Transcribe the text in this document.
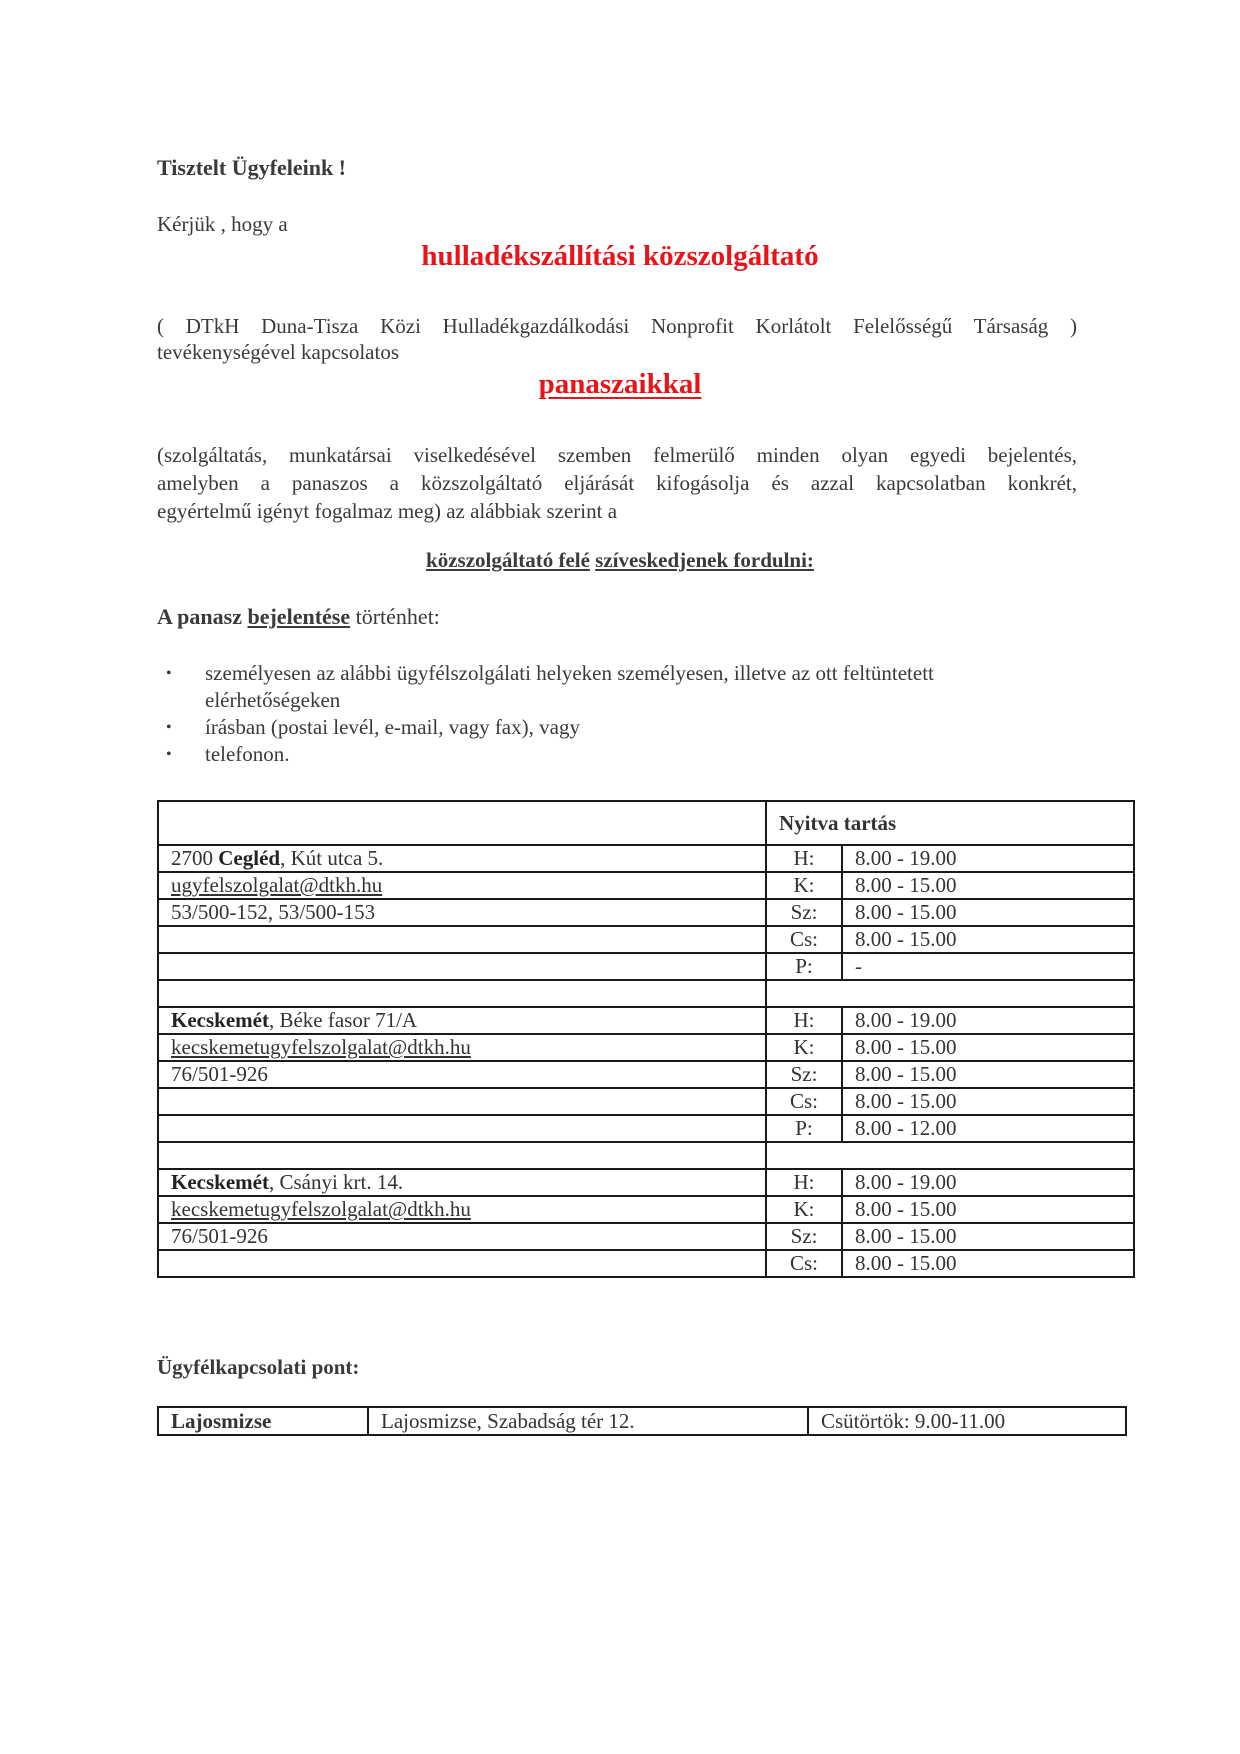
Tisztelt Ügyfeleink !
Kérjük , hogy a
hulladékszállítási közszolgáltató
( DTkH Duna-Tisza Közi Hulladékgazdálkodási Nonprofit Korlátolt Felelősségű Társaság )
tevékenységével kapcsolatos
panaszaikkal
(szolgáltatás, munkatársai viselkedésével szemben felmerülő minden olyan egyedi bejelentés,
amelyben a panaszos a közszolgáltató eljárását kifogásolja és azzal kapcsolatban konkrét,
egyértelmű igényt fogalmaz meg) az alábbiak szerint a
közszolgáltató felé szíveskedjenek fordulni:
A panasz bejelentése történhet:
• személyesen az alábbi ügyfélszolgálati helyeken személyesen, illetve az ott feltüntetett
elérhetőségeken
• írásban (postai levél, e-mail, vagy fax), vagy
• telefonon.
	Nyitva tartás	
2700 Cegléd, Kút utca 5.	H:	8.00 - 19.00
ugyfelszolgalat@dtkh.hu	K:	8.00 - 15.00
53/500-152, 53/500-153	Sz:	8.00 - 15.00
	Cs:	8.00 - 15.00
	P:	-

Kecskemét, Béke fasor 71/A	H:	8.00 - 19.00
kecskemetugyfelszolgalat@dtkh.hu	K:	8.00 - 15.00
76/501-926	Sz:	8.00 - 15.00
	Cs:	8.00 - 15.00
	P:	8.00 - 12.00

Kecskemét, Csányi krt. 14.	H:	8.00 - 19.00
kecskemetugyfelszolgalat@dtkh.hu	K:	8.00 - 15.00
76/501-926	Sz:	8.00 - 15.00
	Cs:	8.00 - 15.00
Ügyfélkapcsolati pont:
Lajosmizse	Lajosmizse, Szabadság tér 12.	Csütörtök: 9.00-11.00
